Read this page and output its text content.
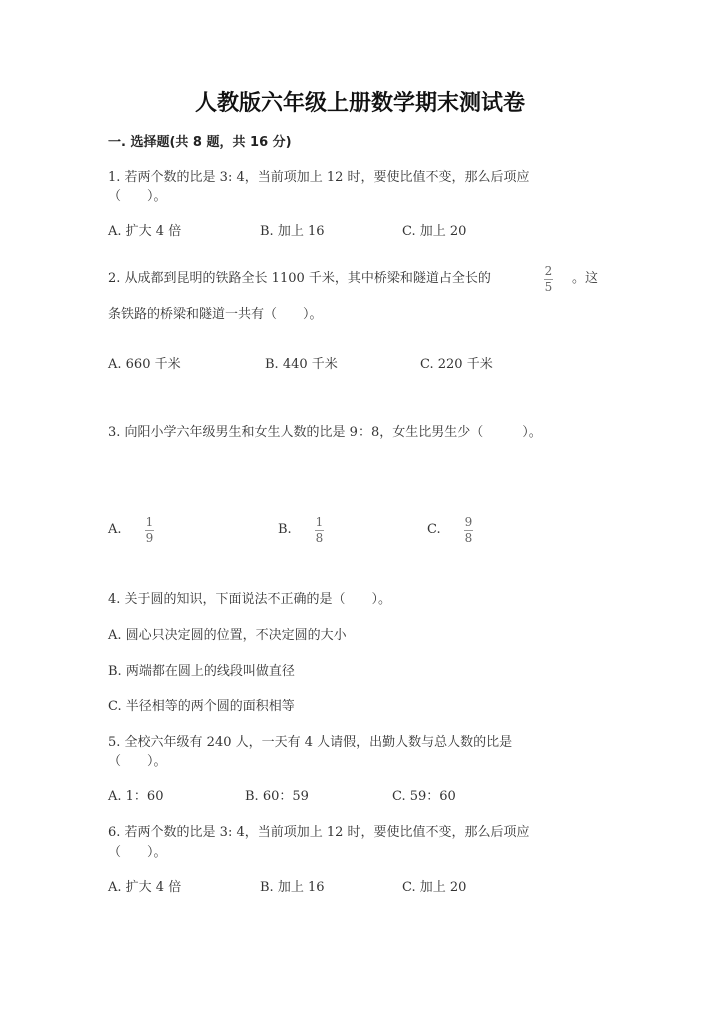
人教版六年级上册数学期末测试卷
一. 选择题(共 8 题，共 16 分)
1. 若两个数的比是 3: 4，当前项加上 12 时，要使比值不变，那么后项应
（　　）。
A. 扩大 4 倍	B. 加上 16	C. 加上 20
2. 从成都到昆明的铁路全长 1100 千米，其中桥梁和隧道占全长的	2
5
。这
条铁路的桥梁和隧道一共有（　　）。
A. 660 千米	B. 440 千米	C. 220 千米
3. 向阳小学六年级男生和女生人数的比是 9：8，女生比男生少（　　　）。
A. 1
9
B. 1
8
C. 9
8
4. 关于圆的知识，下面说法不正确的是（　　）。
A. 圆心只决定圆的位置，不决定圆的大小
B. 两端都在圆上的线段叫做直径
C. 半径相等的两个圆的面积相等
5. 全校六年级有 240 人，一天有 4 人请假，出勤人数与总人数的比是
（　　）。
A. 1：60	B. 60：59	C. 59：60
6. 若两个数的比是 3: 4，当前项加上 12 时，要使比值不变，那么后项应
（　　）。
A. 扩大 4 倍	B. 加上 16	C. 加上 20
